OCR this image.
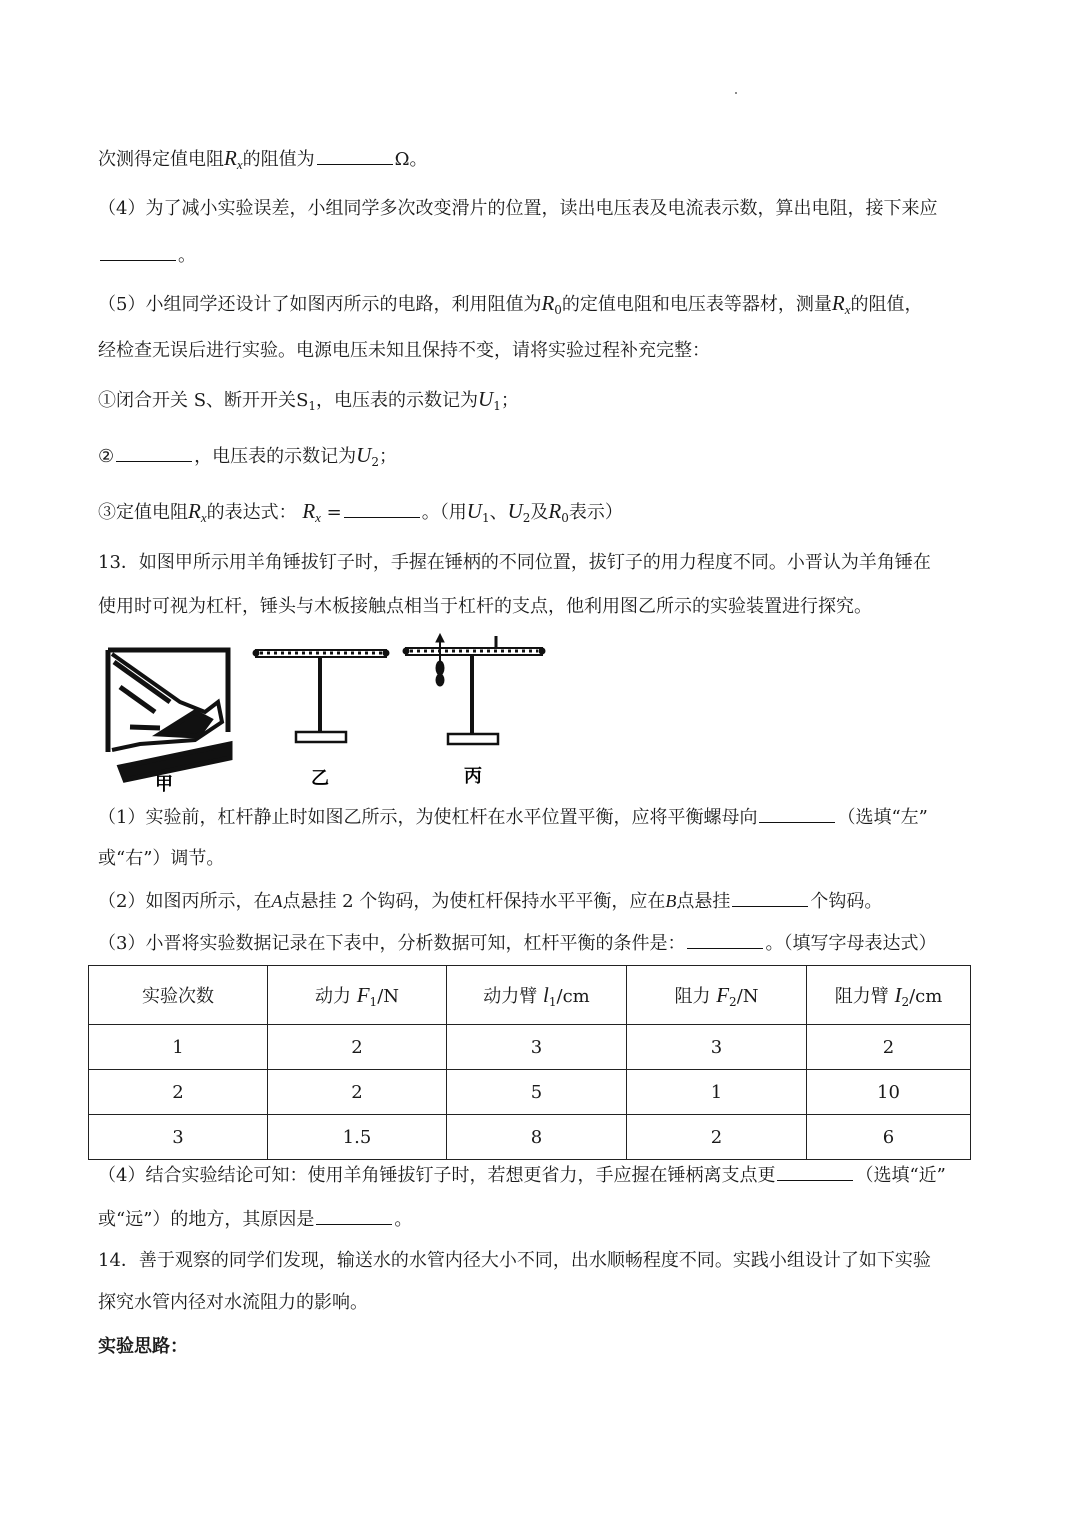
次测得定值电阻$R_x$的阻值为	Ω。
（4）为了减小实验误差，小组同学多次改变滑片的位置，读出电压表及电流表示数，算出电阻，接下来应
。
（5）小组同学还设计了如图丙所示的电路，利用阻值为$R_0$的定值电阻和电压表等器材，测量$R_x$的阻值，
经检查无误后进行实验。电源电压未知且保持不变，请将实验过程补充完整：
①闭合开关 S、断开开关$S_1$，电压表的示数记为$U_1$；
②	，电压表的示数记为$U_2$；
③定值电阻$R_x$的表达式： $R_x$ =	。（用$U_1$、$U_2$及$R_0$表示）
13．如图甲所示用羊角锤拔钉子时，手握在锤柄的不同位置，拔钉子的用力程度不同。小晋认为羊角锤在
使用时可视为杠杆，锤头与木板接触点相当于杠杆的支点，他利用图乙所示的实验装置进行探究。
甲	乙	丙
（1）实验前，杠杆静止时如图乙所示，为使杠杆在水平位置平衡，应将平衡螺母向	（选填“左”
或“右”）调节。
（2）如图丙所示，在A点悬挂 2 个钩码，为使杠杆保持水平平衡，应在B点悬挂	个钩码。
（3）小晋将实验数据记录在下表中，分析数据可知，杠杆平衡的条件是：	。（填写字母表达式）
实验次数	动力 $F_1/N$	动力臂 $l_1/cm$	阻力 $F_2/N$	阻力臂 $I_2/cm$
1	2	3	3	2
2	2	5	1	10
3	1.5	8	2	6
（4）结合实验结论可知：使用羊角锤拔钉子时，若想更省力，手应握在锤柄离支点更	（选填“近”
或“远”）的地方，其原因是	。
14．善于观察的同学们发现，输送水的水管内径大小不同，出水顺畅程度不同。实践小组设计了如下实验
探究水管内径对水流阻力的影响。
实验思路：
